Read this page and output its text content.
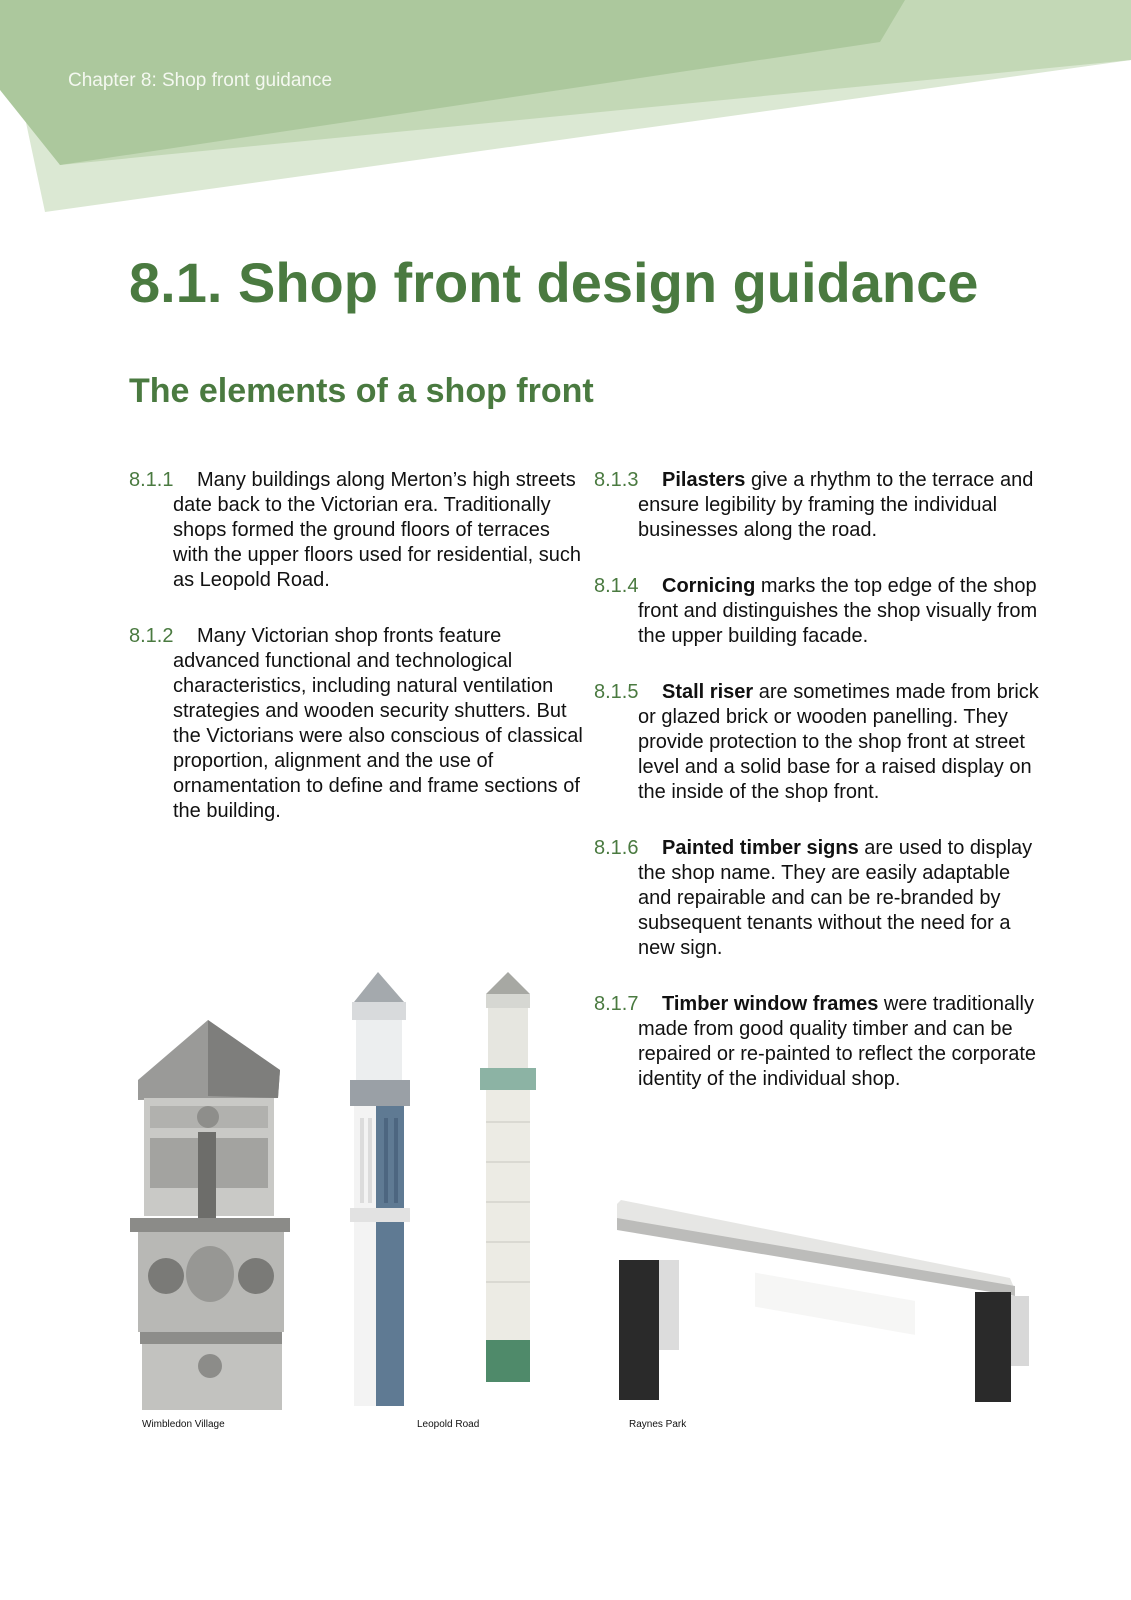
Chapter 8: Shop front guidance
8.1. Shop front design guidance
The elements of a shop front

8.1.1 Many buildings along Merton’s high streets date back to the Victorian era. Traditionally shops formed the ground floors of terraces with the upper floors used for residential, such as Leopold Road.

8.1.2 Many Victorian shop fronts feature advanced functional and technological characteristics, including natural ventilation strategies and wooden security shutters. But the Victorians were also conscious of classical proportion, alignment and the use of ornamentation to define and frame sections of the building.

8.1.3 Pilasters give a rhythm to the terrace and ensure legibility by framing the individual businesses along the road.

8.1.4 Cornicing marks the top edge of the shop front and distinguishes the shop visually from the upper building facade.

8.1.5 Stall riser are sometimes made from brick or glazed brick or wooden panelling. They provide protection to the shop front at street level and a solid base for a raised display on the inside of the shop front.

8.1.6 Painted timber signs are used to display the shop name. They are easily adaptable and repairable and can be re-branded by subsequent tenants without the need for a new sign.

8.1.7 Timber window frames were traditionally made from good quality timber and can be repaired or re-painted to reflect the corporate identity of the individual shop.

Wimbledon Village	Leopold Road	Raynes Park
